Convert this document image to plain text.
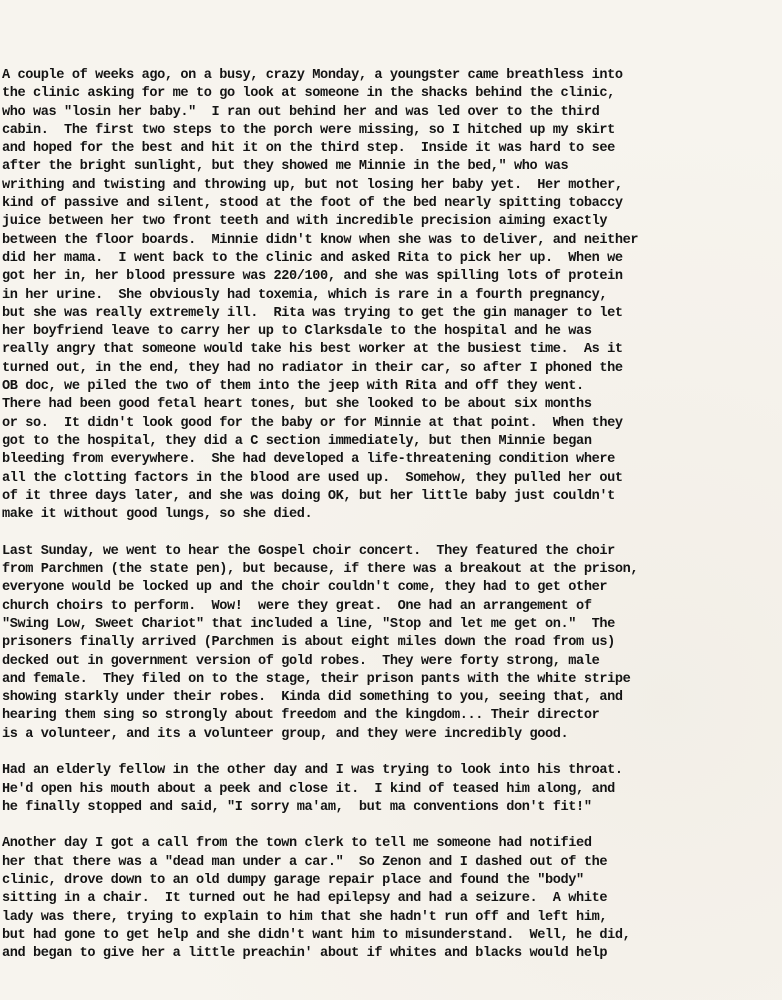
A couple of weeks ago, on a busy, crazy Monday, a youngster came breathless into
the clinic asking for me to go look at someone in the shacks behind the clinic,
who was "losin her baby."  I ran out behind her and was led over to the third
cabin.  The first two steps to the porch were missing, so I hitched up my skirt
and hoped for the best and hit it on the third step.  Inside it was hard to see
after the bright sunlight, but they showed me Minnie in the bed," who was
writhing and twisting and throwing up, but not losing her baby yet.  Her mother,
kind of passive and silent, stood at the foot of the bed nearly spitting tobaccy
juice between her two front teeth and with incredible precision aiming exactly
between the floor boards.  Minnie didn't know when she was to deliver, and neither
did her mama.  I went back to the clinic and asked Rita to pick her up.  When we
got her in, her blood pressure was 220/100, and she was spilling lots of protein
in her urine.  She obviously had toxemia, which is rare in a fourth pregnancy,
but she was really extremely ill.  Rita was trying to get the gin manager to let
her boyfriend leave to carry her up to Clarksdale to the hospital and he was
really angry that someone would take his best worker at the busiest time.  As it
turned out, in the end, they had no radiator in their car, so after I phoned the
OB doc, we piled the two of them into the jeep with Rita and off they went.
There had been good fetal heart tones, but she looked to be about six months
or so.  It didn't look good for the baby or for Minnie at that point.  When they
got to the hospital, they did a C section immediately, but then Minnie began
bleeding from everywhere.  She had developed a life-threatening condition where
all the clotting factors in the blood are used up.  Somehow, they pulled her out
of it three days later, and she was doing OK, but her little baby just couldn't
make it without good lungs, so she died.
Last Sunday, we went to hear the Gospel choir concert.  They featured the choir
from Parchmen (the state pen), but because, if there was a breakout at the prison,
everyone would be locked up and the choir couldn't come, they had to get other
church choirs to perform.  Wow!  were they great.  One had an arrangement of
"Swing Low, Sweet Chariot" that included a line, "Stop and let me get on."  The
prisoners finally arrived (Parchmen is about eight miles down the road from us)
decked out in government version of gold robes.  They were forty strong, male
and female.  They filed on to the stage, their prison pants with the white stripe
showing starkly under their robes.  Kinda did something to you, seeing that, and
hearing them sing so strongly about freedom and the kingdom... Their director
is a volunteer, and its a volunteer group, and they were incredibly good.
Had an elderly fellow in the other day and I was trying to look into his throat.
He'd open his mouth about a peek and close it.  I kind of teased him along, and
he finally stopped and said, "I sorry ma'am,  but ma conventions don't fit!"
Another day I got a call from the town clerk to tell me someone had notified
her that there was a "dead man under a car."  So Zenon and I dashed out of the
clinic, drove down to an old dumpy garage repair place and found the "body"
sitting in a chair.  It turned out he had epilepsy and had a seizure.  A white
lady was there, trying to explain to him that she hadn't run off and left him,
but had gone to get help and she didn't want him to misunderstand.  Well, he did,
and began to give her a little preachin' about if whites and blacks would help
